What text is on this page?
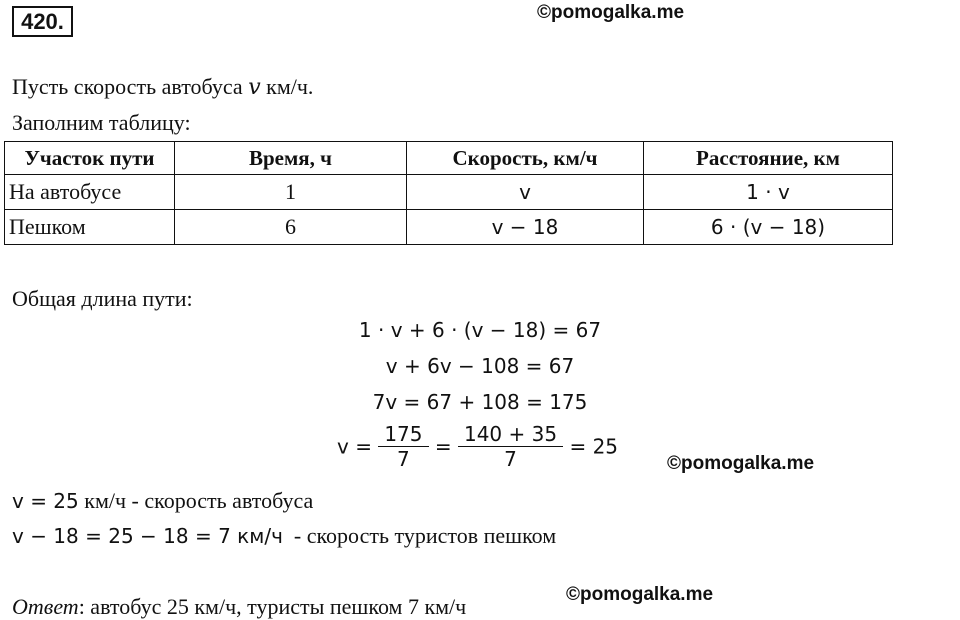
420.	©pomogalka.me
Пусть скорость автобуса v км/ч.
Заполним таблицу:
Участок пути	Время, ч	Скорость, км/ч	Расстояние, км
На автобусе	1	v	1 · v
Пешком	6	v − 18	6 · (v − 18)
Общая длина пути:
1 · v + 6 · (v − 18) = 67
v + 6v − 108 = 67
7v = 67 + 108 = 175
$v = \frac{175}{7} = \frac{140 + 35}{7} = 25$
©pomogalka.me
v = 25 км/ч - скорость автобуса
v − 18 = 25 − 18 = 7 км/ч  - скорость туристов пешком
Ответ: автобус 25 км/ч, туристы пешком 7 км/ч	©pomogalka.me
